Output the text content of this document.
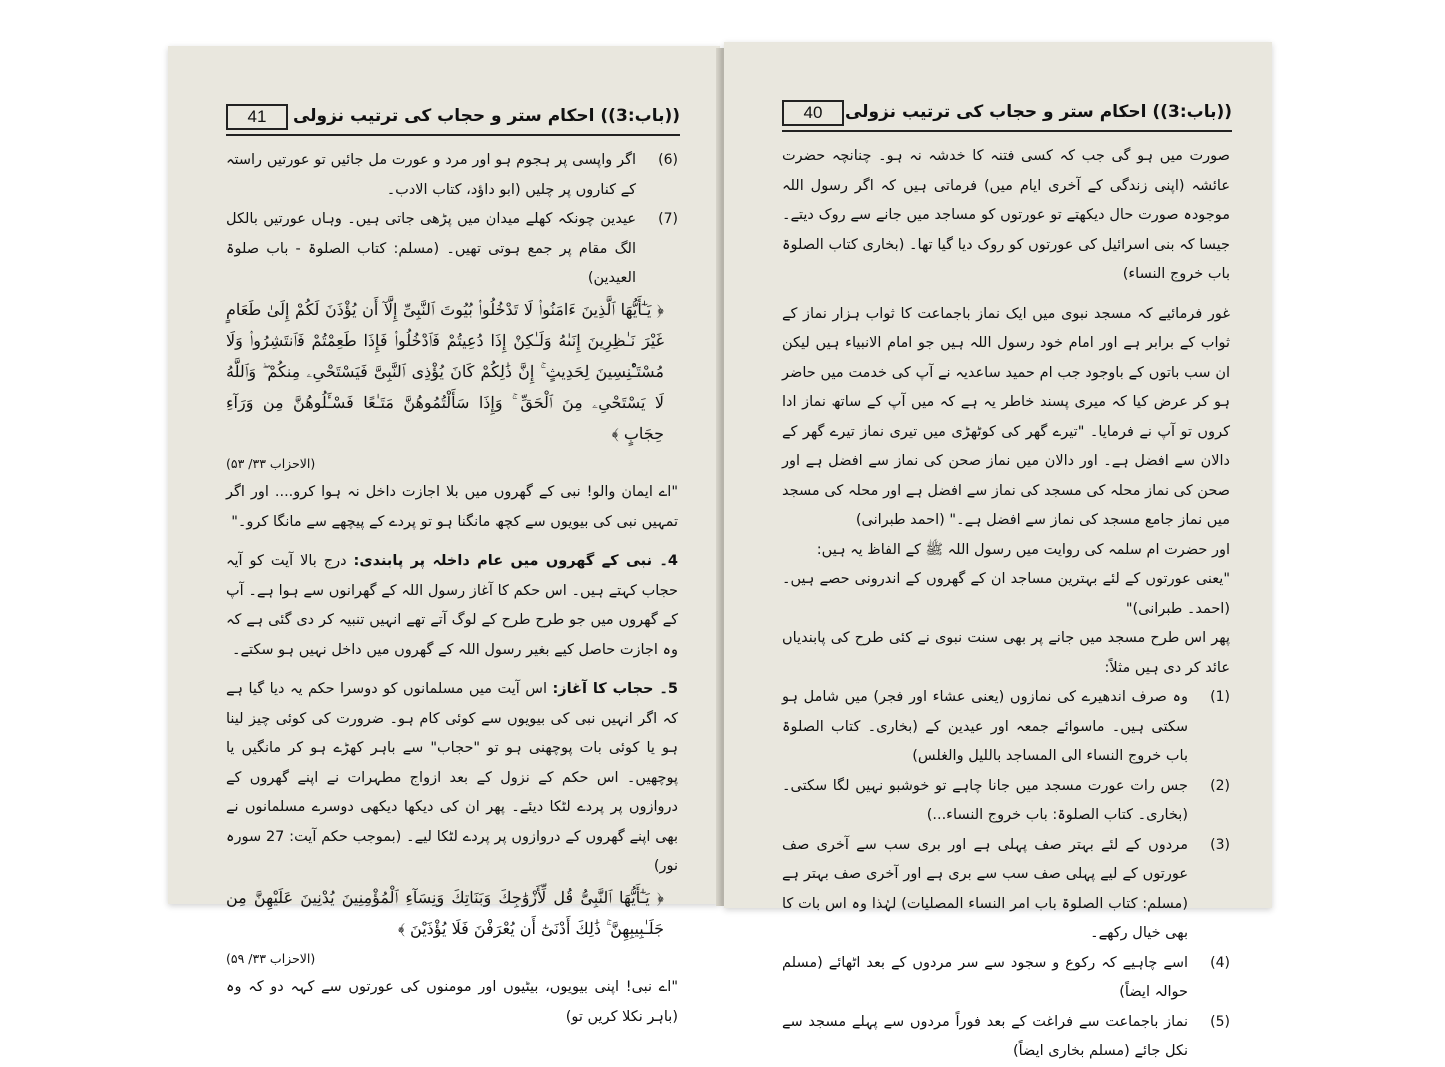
41	((باب:3)) احکام ستر و حجاب کی ترتیب نزولی
(6)
اگر واپسی پر ہجوم ہو اور مرد و عورت مل جائیں تو عورتیں راستہ کے کناروں پر چلیں (ابو داؤد، کتاب الادب۔
(7)
عیدین چونکہ کھلے میدان میں پڑھی جاتی ہیں۔ وہاں عورتیں بالکل الگ مقام پر جمع ہوتی تھیں۔ (مسلم: کتاب الصلوۃ - باب صلوۃ العیدین)

﴿ يَـٰٓأَيُّهَا ٱلَّذِينَ ءَامَنُوا۟ لَا تَدْخُلُوا۟ بُيُوتَ ٱلنَّبِىِّ إِلَّآ أَن يُؤْذَنَ لَكُمْ إِلَىٰ طَعَامٍ غَيْرَ نَـٰظِرِينَ إِنَىٰهُ وَلَـٰكِنْ إِذَا دُعِيتُمْ فَٱدْخُلُوا۟ فَإِذَا طَعِمْتُمْ فَٱنتَشِرُوا۟ وَلَا مُسْتَـْٔنِسِينَ لِحَدِيثٍ ۚ إِنَّ ذَٰلِكُمْ كَانَ يُؤْذِى ٱلنَّبِىَّ فَيَسْتَحْىِۦ مِنكُمْ ۖ وَٱللَّهُ لَا يَسْتَحْىِۦ مِنَ ٱلْحَقِّ ۚ وَإِذَا سَأَلْتُمُوهُنَّ مَتَـٰعًا فَسْـَٔلُوهُنَّ مِن وَرَآءِ حِجَابٍ ﴾

(الاحزاب ۳۳/ ۵۳)

"اے ایمان والو! نبی کے گھروں میں بلا اجازت داخل نہ ہوا کرو.... اور اگر تمہیں نبی کی بیویوں سے کچھ مانگنا ہو تو پردے کے پیچھے سے مانگا کرو۔"

4۔ نبی کے گھروں میں عام داخلہ پر پابندی: درج بالا آیت کو آیہ حجاب کہتے ہیں۔ اس حکم کا آغاز رسول اللہ کے گھرانوں سے ہوا ہے۔ آپ کے گھروں میں جو طرح طرح کے لوگ آتے تھے انہیں تنبیہ کر دی گئی ہے کہ وہ اجازت حاصل کیے بغیر رسول اللہ کے گھروں میں داخل نہیں ہو سکتے۔

5۔ حجاب کا آغاز: اس آیت میں مسلمانوں کو دوسرا حکم یہ دیا گیا ہے کہ اگر انہیں نبی کی بیویوں سے کوئی کام ہو۔ ضرورت کی کوئی چیز لینا ہو یا کوئی بات پوچھنی ہو تو "حجاب" سے باہر کھڑے ہو کر مانگیں یا پوچھیں۔ اس حکم کے نزول کے بعد ازواج مطہرات نے اپنے گھروں کے دروازوں پر پردے لٹکا دیئے۔ پھر ان کی دیکھا دیکھی دوسرے مسلمانوں نے بھی اپنے گھروں کے دروازوں پر پردے لٹکا لیے۔ (بموجب حکم آیت: 27 سورہ نور)

﴿ يَـٰٓأَيُّهَا ٱلنَّبِىُّ قُل لِّأَزْوَٰجِكَ وَبَنَاتِكَ وَنِسَآءِ ٱلْمُؤْمِنِينَ يُدْنِينَ عَلَيْهِنَّ مِن جَلَـٰبِيبِهِنَّ ۚ ذَٰلِكَ أَدْنَىٰٓ أَن يُعْرَفْنَ فَلَا يُؤْذَيْنَ ﴾

(الاحزاب ۳۳/ ۵۹)

"اے نبی! اپنی بیویوں، بیٹیوں اور مومنوں کی عورتوں سے کہہ دو کہ وہ (باہر نکلا کریں تو)

40	((باب:3)) احکام ستر و حجاب کی ترتیب نزولی

صورت میں ہو گی جب کہ کسی فتنہ کا خدشہ نہ ہو۔ چنانچہ حضرت عائشہ (اپنی زندگی کے آخری ایام میں) فرماتی ہیں کہ اگر رسول اللہ موجودہ صورت حال دیکھتے تو عورتوں کو مساجد میں جانے سے روک دیتے۔ جیسا کہ بنی اسرائیل کی عورتوں کو روک دیا گیا تھا۔ (بخاری کتاب الصلوۃ باب خروج النساء)

غور فرمائیے کہ مسجد نبوی میں ایک نماز باجماعت کا ثواب ہزار نماز کے ثواب کے برابر ہے اور امام خود رسول اللہ ہیں جو امام الانبیاء ہیں لیکن ان سب باتوں کے باوجود جب ام حمید ساعدیہ نے آپ کی خدمت میں حاضر ہو کر عرض کیا کہ میری پسند خاطر یہ ہے کہ میں آپ کے ساتھ نماز ادا کروں تو آپ نے فرمایا۔ "تیرے گھر کی کوٹھڑی میں تیری نماز تیرے گھر کے دالان سے افضل ہے۔ اور دالان میں نماز صحن کی نماز سے افضل ہے اور صحن کی نماز محلہ کی مسجد کی نماز سے افضل ہے اور محلہ کی مسجد میں نماز جامع مسجد کی نماز سے افضل ہے۔" (احمد طبرانی)

اور حضرت ام سلمہ کی روایت میں رسول اللہ ﷺ کے الفاظ یہ ہیں:

"یعنی عورتوں کے لئے بہترین مساجد ان کے گھروں کے اندرونی حصے ہیں۔ (احمد۔ طبرانی)"

پھر اس طرح مسجد میں جانے پر بھی سنت نبوی نے کئی طرح کی پابندیاں عائد کر دی ہیں مثلاً:

(1)
وہ صرف اندھیرے کی نمازوں (یعنی عشاء اور فجر) میں شامل ہو سکتی ہیں۔ ماسوائے جمعہ اور عیدین کے (بخاری۔ کتاب الصلوۃ باب خروج النساء الی المساجد باللیل والغلس)
(2)
جس رات عورت مسجد میں جانا چاہے تو خوشبو نہیں لگا سکتی۔ (بخاری۔ کتاب الصلوۃ: باب خروج النساء...)
(3)
مردوں کے لئے بہتر صف پہلی ہے اور بری سب سے آخری صف عورتوں کے لیے پہلی صف سب سے بری ہے اور آخری صف بہتر ہے (مسلم: کتاب الصلوۃ باب امر النساء المصلیات) لہٰذا وہ اس بات کا بھی خیال رکھے۔
(4)
اسے چاہیے کہ رکوع و سجود سے سر مردوں کے بعد اٹھائے (مسلم حوالہ ایضاً)
(5)
نماز باجماعت سے فراغت کے بعد فوراً مردوں سے پہلے مسجد سے نکل جائے (مسلم بخاری ایضاً)
